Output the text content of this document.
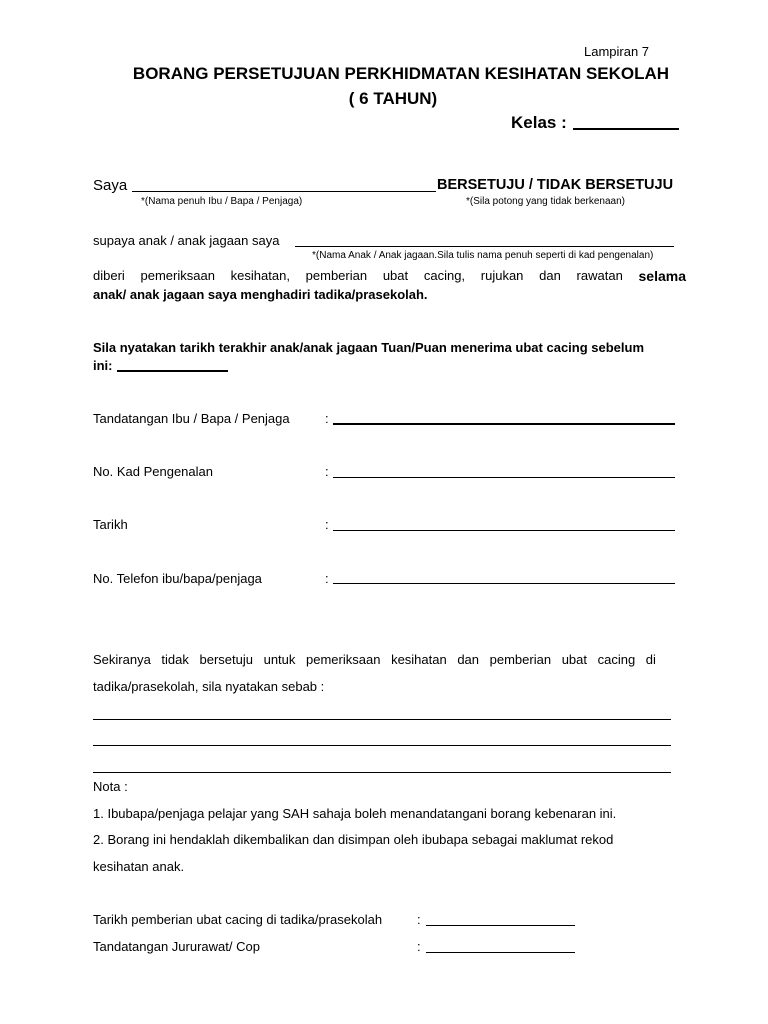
Lampiran 7
BORANG PERSETUJUAN PERKHIDMATAN KESIHATAN SEKOLAH
( 6 TAHUN)
Kelas :
Saya	BERSETUJU / TIDAK BERSETUJU
*(Nama penuh Ibu / Bapa / Penjaga)	*(Sila potong yang tidak berkenaan)
supaya anak / anak jagaan saya
*(Nama Anak / Anak jagaan.Sila tulis nama penuh seperti di kad pengenalan)
diberi pemeriksaan kesihatan, pemberian ubat cacing, rujukan dan rawatan selama
anak/ anak jagaan saya menghadiri tadika/prasekolah.
Sila nyatakan tarikh terakhir anak/anak jagaan Tuan/Puan menerima ubat cacing sebelum
ini:
Tandatangan Ibu / Bapa / Penjaga	:
No. Kad Pengenalan	:
Tarikh	:
No. Telefon ibu/bapa/penjaga	:
Sekiranya tidak bersetuju untuk pemeriksaan kesihatan dan pemberian ubat cacing di
tadika/prasekolah, sila nyatakan sebab :
Nota :
1. Ibubapa/penjaga pelajar yang SAH sahaja boleh menandatangani borang kebenaran ini.
2. Borang ini hendaklah dikembalikan dan disimpan oleh ibubapa sebagai maklumat rekod
kesihatan anak.
Tarikh pemberian ubat cacing di tadika/prasekolah	:
Tandatangan Jururawat/ Cop	:
